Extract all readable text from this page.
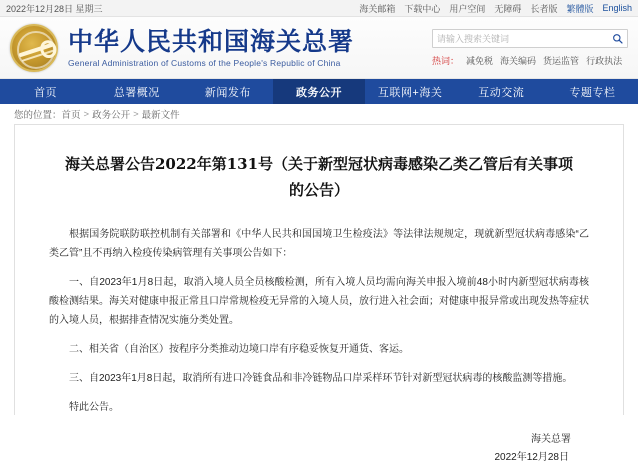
2022年12月28日 星期三	海关邮箱 下载中心 用户空间 无障碍 长者版 繁體版 English
中华人民共和国海关总署
General Administration of Customs of the People's Republic of China
请输入搜索关键词	热词： 减免税 海关编码 货运监管 行政执法
首页	总署概况	新闻发布	政务公开	互联网+海关	互动交流	专题专栏
您的位置： 首页 > 政务公开 > 最新文件
海关总署公告2022年第131号（关于新型冠状病毒感染乙类乙管后有关事项的公告）

根据国务院联防联控机制有关部署和《中华人民共和国国境卫生检疫法》等法律法规规定，现就新型冠状病毒感染“乙类乙管”且不再纳入检疫传染病管理有关事项公告如下：

一、自2023年1月8日起，取消入境人员全员核酸检测，所有入境人员均需向海关申报入境前48小时内新型冠状病毒核酸检测结果。海关对健康申报正常且口岸常规检疫无异常的入境人员，放行进入社会面；对健康申报异常或出现发热等症状的入境人员，根据排查情况实施分类处置。

二、相关省（自治区）按程序分类推动边境口岸有序稳妥恢复开通货、客运。

三、自2023年1月8日起，取消所有进口冷链食品和非冷链物品口岸采样环节针对新型冠状病毒的核酸监测等措施。

特此公告。

海关总署
2022年12月28日
